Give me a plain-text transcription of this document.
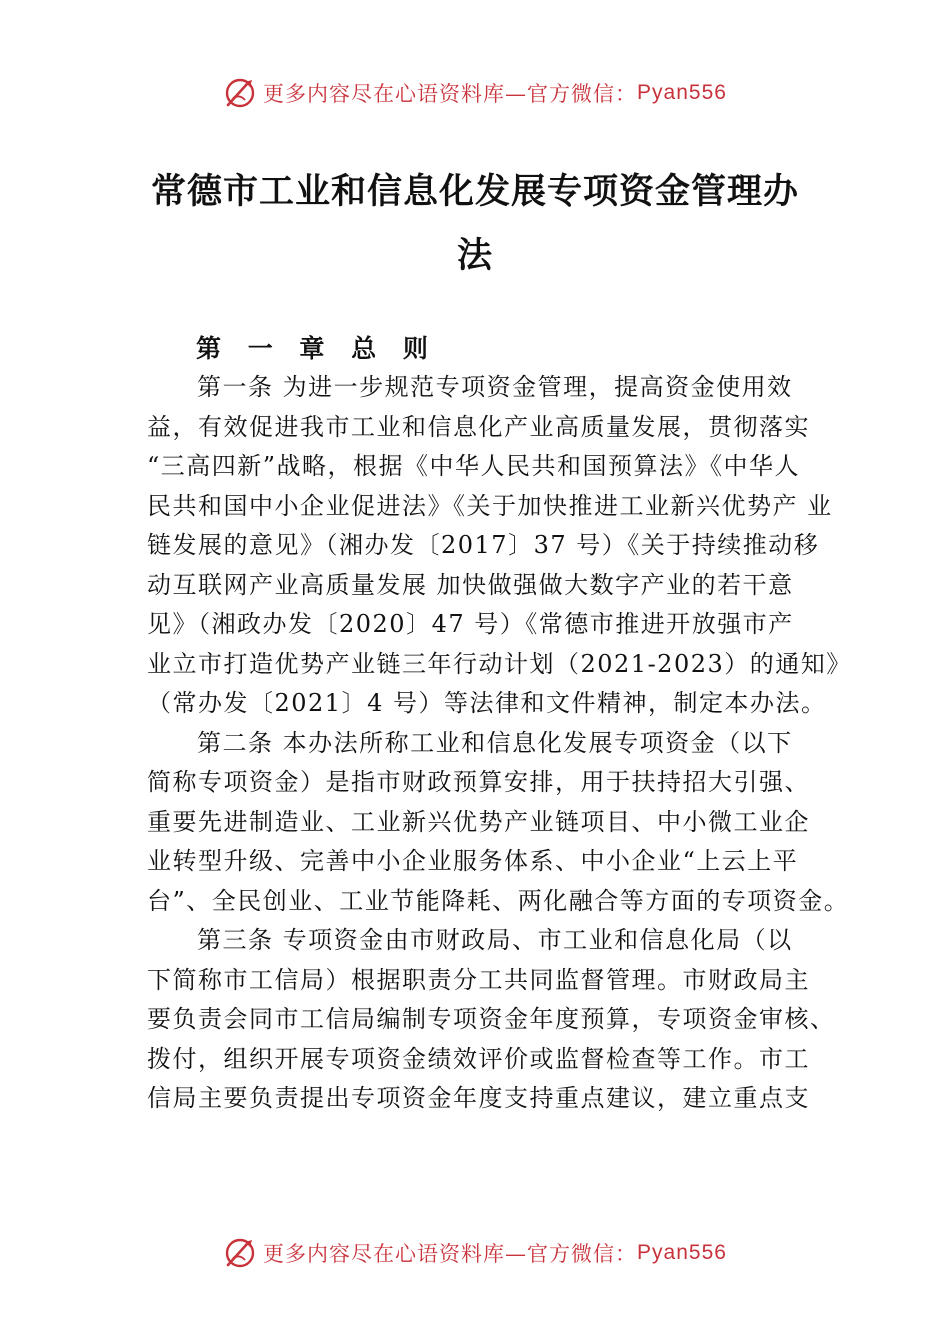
更多内容尽在心语资料库—官方微信： Pyan556
常德市工业和信息化发展专项资金管理办
法
第 一 章 总 则
第一条 为进一步规范专项资金管理，提高资金使用效
益，有效促进我市工业和信息化产业高质量发展，贯彻落实
“三高四新”战略，根据《中华人民共和国预算法》《中华人
民共和国中小企业促进法》《关于加快推进工业新兴优势产 业
链发展的意见》（湘办发〔2017〕37 号）《关于持续推动移
动互联网产业高质量发展 加快做强做大数字产业的若干意
见》（湘政办发〔2020〕47 号）《常德市推进开放强市产
业立市打造优势产业链三年行动计划（2021-2023）的通知》
（常办发〔2021〕4 号）等法律和文件精神，制定本办法。
第二条 本办法所称工业和信息化发展专项资金（以下
简称专项资金）是指市财政预算安排，用于扶持招大引强、
重要先进制造业、工业新兴优势产业链项目、中小微工业企
业转型升级、完善中小企业服务体系、中小企业“上云上平
台”、全民创业、工业节能降耗、两化融合等方面的专项资金。
第三条 专项资金由市财政局、市工业和信息化局（以
下简称市工信局）根据职责分工共同监督管理。市财政局主
要负责会同市工信局编制专项资金年度预算，专项资金审核、
拨付，组织开展专项资金绩效评价或监督检查等工作。市工
信局主要负责提出专项资金年度支持重点建议，建立重点支
更多内容尽在心语资料库—官方微信： Pyan556
